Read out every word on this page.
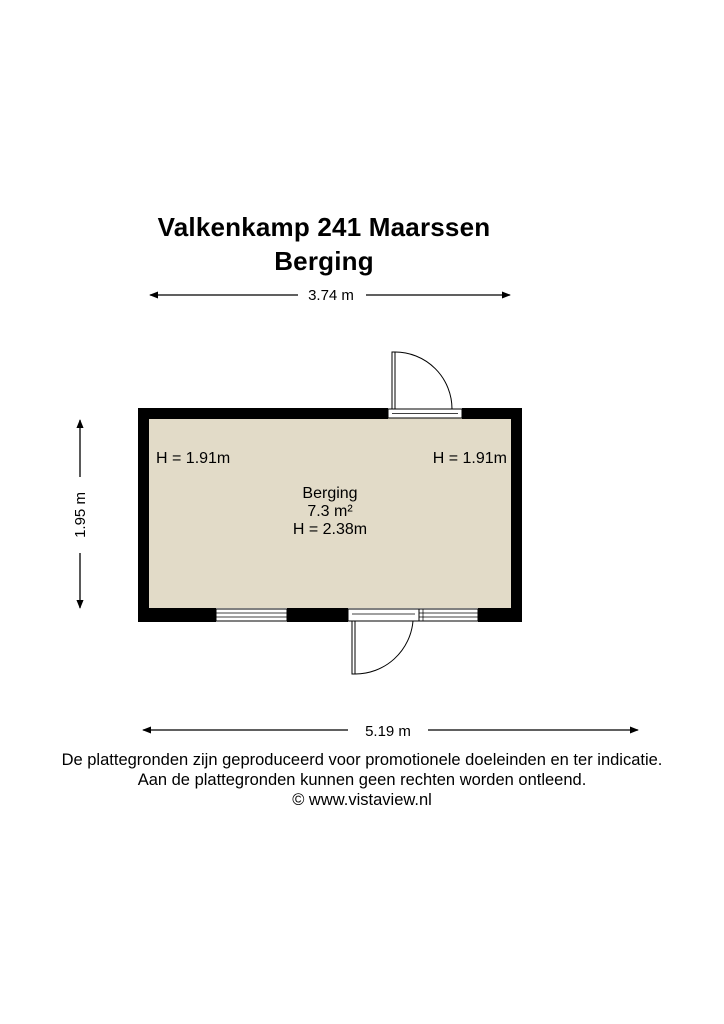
Valkenkamp 241 Maarssen
Berging
3.74 m
1.95 m
5.19 m
H = 1.91m	H = 1.91m
Berging
7.3 m²
H = 2.38m
De plattegronden zijn geproduceerd voor promotionele doeleinden en ter indicatie.
Aan de plattegronden kunnen geen rechten worden ontleend.
© www.vistaview.nl
